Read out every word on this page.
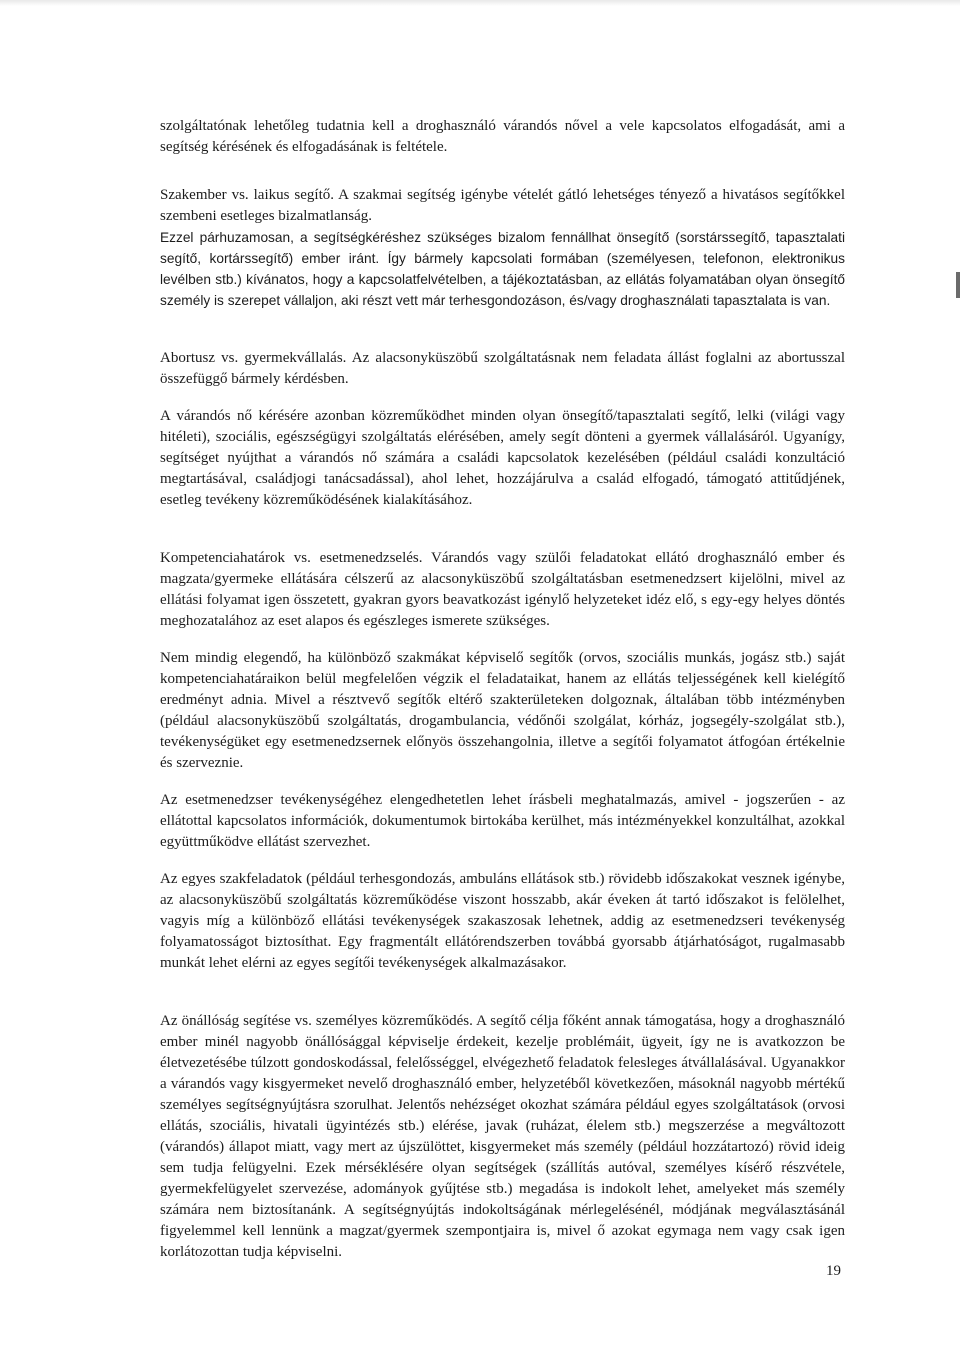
szolgáltatónak lehetőleg tudatnia kell a droghasználó várandós nővel a vele kapcsolatos elfogadását, ami a segítség kérésének és elfogadásának is feltétele.

Szakember vs. laikus segítő. A szakmai segítség igénybe vételét gátló lehetséges tényező a hivatásos segítőkkel szembeni esetleges bizalmatlanság.

Ezzel párhuzamosan, a segítségkéréshez szükséges bizalom fennállhat önsegítő (sorstárssegítő, tapasztalati segítő, kortárssegítő) ember iránt. Így bármely kapcsolati formában (személyesen, telefonon, elektronikus levélben stb.) kívánatos, hogy a kapcsolatfelvételben, a tájékoztatásban, az ellátás folyamatában olyan önsegítő személy is szerepet vállaljon, aki részt vett már terhesgondozáson, és/vagy droghasználati tapasztalata is van.

Abortusz vs. gyermekvállalás. Az alacsonyküszöbű szolgáltatásnak nem feladata állást foglalni az abortusszal összefüggő bármely kérdésben.

A várandós nő kérésére azonban közreműködhet minden olyan önsegítő/tapasztalati segítő, lelki (világi vagy hitéleti), szociális, egészségügyi szolgáltatás elérésében, amely segít dönteni a gyermek vállalásáról. Ugyanígy, segítséget nyújthat a várandós nő számára a családi kapcsolatok kezelésében (például családi konzultáció megtartásával, családjogi tanácsadással), ahol lehet, hozzájárulva a család elfogadó, támogató attitűdjének, esetleg tevékeny közreműködésének kialakításához.

Kompetenciahatárok vs. esetmenedzselés. Várandós vagy szülői feladatokat ellátó droghasználó ember és magzata/gyermeke ellátására célszerű az alacsonyküszöbű szolgáltatásban esetmenedzsert kijelölni, mivel az ellátási folyamat igen összetett, gyakran gyors beavatkozást igénylő helyzeteket idéz elő, s egy-egy helyes döntés meghozatalához az eset alapos és egészleges ismerete szükséges.

Nem mindig elegendő, ha különböző szakmákat képviselő segítők (orvos, szociális munkás, jogász stb.) saját kompetenciahatáraikon belül megfelelően végzik el feladataikat, hanem az ellátás teljességének kell kielégítő eredményt adnia. Mivel a résztvevő segítők eltérő szakterületeken dolgoznak, általában több intézményben (például alacsonyküszöbű szolgáltatás, drogambulancia, védőnői szolgálat, kórház, jogsegély-szolgálat stb.), tevékenységüket egy esetmenedzsernek előnyös összehangolnia, illetve a segítői folyamatot átfogóan értékelnie és szerveznie.

Az esetmenedzser tevékenységéhez elengedhetetlen lehet írásbeli meghatalmazás, amivel - jogszerűen - az ellátottal kapcsolatos információk, dokumentumok birtokába kerülhet, más intézményekkel konzultálhat, azokkal együttműködve ellátást szervezhet.

Az egyes szakfeladatok (például terhesgondozás, ambuláns ellátások stb.) rövidebb időszakokat vesznek igénybe, az alacsonyküszöbű szolgáltatás közreműködése viszont hosszabb, akár éveken át tartó időszakot is felölelhet, vagyis míg a különböző ellátási tevékenységek szakaszosak lehetnek, addig az esetmenedzseri tevékenység folyamatosságot biztosíthat. Egy fragmentált ellátórendszerben továbbá gyorsabb átjárhatóságot, rugalmasabb munkát lehet elérni az egyes segítői tevékenységek alkalmazásakor.

Az önállóság segítése vs. személyes közreműködés. A segítő célja főként annak támogatása, hogy a droghasználó ember minél nagyobb önállósággal képviselje érdekeit, kezelje problémáit, ügyeit, így ne is avatkozzon be életvezetésébe túlzott gondoskodással, felelősséggel, elvégezhető feladatok felesleges átvállalásával. Ugyanakkor a várandós vagy kisgyermeket nevelő droghasználó ember, helyzetéből következően, másoknál nagyobb mértékű személyes segítségnyújtásra szorulhat. Jelentős nehézséget okozhat számára például egyes szolgáltatások (orvosi ellátás, szociális, hivatali ügyintézés stb.) elérése, javak (ruházat, élelem stb.) megszerzése a megváltozott (várandós) állapot miatt, vagy mert az újszülöttet, kisgyermeket más személy (például hozzátartozó) rövid ideig sem tudja felügyelni. Ezek mérséklésére olyan segítségek (szállítás autóval, személyes kísérő részvétele, gyermekfelügyelet szervezése, adományok gyűjtése stb.) megadása is indokolt lehet, amelyeket más személy számára nem biztosítanánk. A segítségnyújtás indokoltságának mérlegelésénél, módjának megválasztásánál figyelemmel kell lennünk a magzat/gyermek szempontjaira is, mivel ő azokat egymaga nem vagy csak igen korlátozottan tudja képviselni.

19
